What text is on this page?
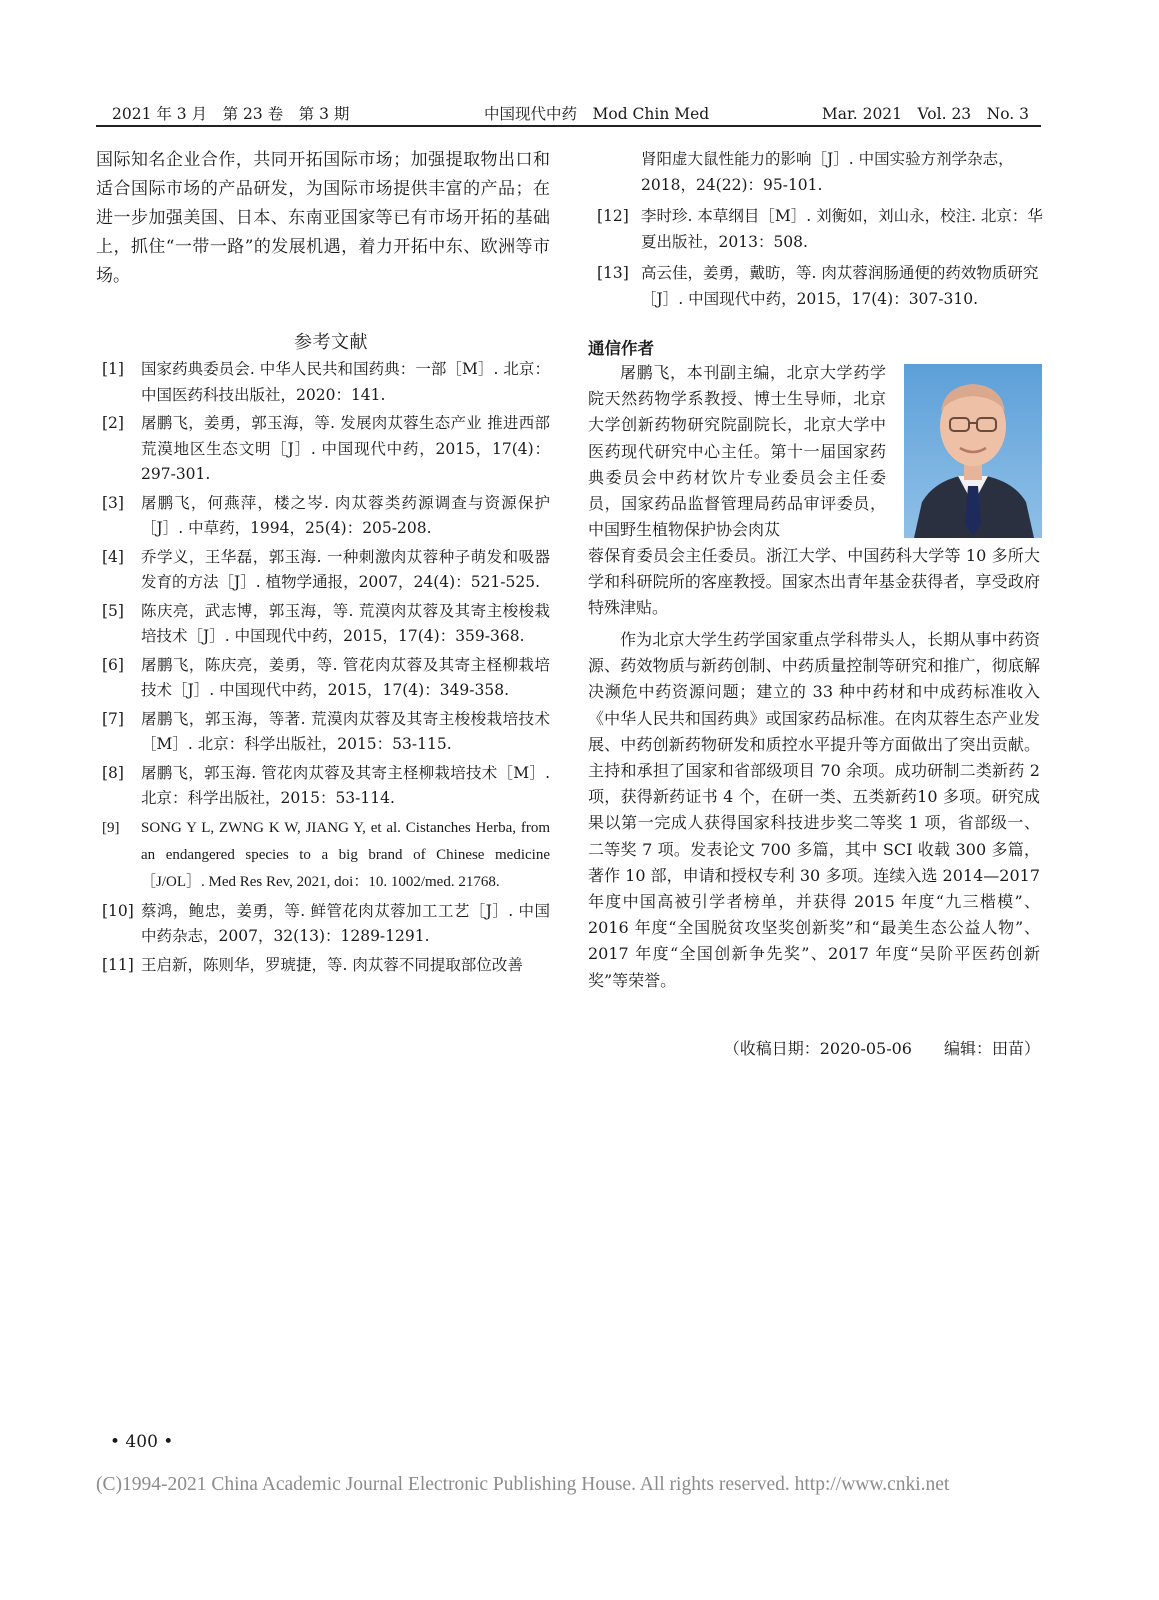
2021 年 3 月　第 23 卷　第 3 期	中国现代中药　Mod Chin Med	Mar. 2021　Vol. 23　No. 3
国际知名企业合作，共同开拓国际市场；加强提取物出口和适合国际市场的产品研发，为国际市场提供丰富的产品；在进一步加强美国、日本、东南亚国家等已有市场开拓的基础上，抓住“一带一路”的发展机遇，着力开拓中东、欧洲等市场。
参考文献
[1] 国家药典委员会. 中华人民共和国药典：一部［M］. 北京：中国医药科技出版社，2020：141.
[2] 屠鹏飞，姜勇，郭玉海，等. 发展肉苁蓉生态产业 推进西部荒漠地区生态文明［J］. 中国现代中药，2015，17(4)：297-301.
[3] 屠鹏飞，何燕萍，楼之岑. 肉苁蓉类药源调查与资源保护［J］. 中草药，1994，25(4)：205-208.
[4] 乔学义，王华磊，郭玉海. 一种刺激肉苁蓉种子萌发和吸器发育的方法［J］. 植物学通报，2007，24(4)：521-525.
[5] 陈庆亮，武志博，郭玉海，等. 荒漠肉苁蓉及其寄主梭梭栽培技术［J］. 中国现代中药，2015，17(4)：359-368.
[6] 屠鹏飞，陈庆亮，姜勇，等. 管花肉苁蓉及其寄主柽柳栽培技术［J］. 中国现代中药，2015，17(4)：349-358.
[7] 屠鹏飞，郭玉海，等著. 荒漠肉苁蓉及其寄主梭梭栽培技术［M］. 北京：科学出版社，2015：53-115.
[8] 屠鹏飞，郭玉海. 管花肉苁蓉及其寄主柽柳栽培技术［M］. 北京：科学出版社，2015：53-114.
[9] SONG Y L, ZWNG K W, JIANG Y, et al. Cistanches Herba, from an endangered species to a big brand of Chinese medicine［J/OL］. Med Res Rev, 2021, doi：10. 1002/med. 21768.
[10] 蔡鸿，鲍忠，姜勇，等. 鲜管花肉苁蓉加工工艺［J］. 中国中药杂志，2007，32(13)：1289-1291.
[11] 王启新，陈则华，罗琥捷，等. 肉苁蓉不同提取部位改善
肾阳虚大鼠性能力的影响［J］. 中国实验方剂学杂志，2018，24(22)：95-101.
[12] 李时珍. 本草纲目［M］. 刘衡如，刘山永，校注. 北京：华夏出版社，2013：508.
[13] 高云佳，姜勇，戴昉，等. 肉苁蓉润肠通便的药效物质研究［J］. 中国现代中药，2015，17(4)：307-310.
通信作者
屠鹏飞，本刊副主编，北京大学药学院天然药物学系教授、博士生导师，北京大学创新药物研究院副院长，北京大学中医药现代研究中心主任。第十一届国家药典委员会中药材饮片专业委员会主任委员，国家药品监督管理局药品审评委员，中国野生植物保护协会肉苁
蓉保育委员会主任委员。浙江大学、中国药科大学等 10 多所大学和科研院所的客座教授。国家杰出青年基金获得者，享受政府特殊津贴。
作为北京大学生药学国家重点学科带头人，长期从事中药资源、药效物质与新药创制、中药质量控制等研究和推广，彻底解决濒危中药资源问题；建立的 33 种中药材和中成药标准收入《中华人民共和国药典》或国家药品标准。在肉苁蓉生态产业发展、中药创新药物研发和质控水平提升等方面做出了突出贡献。主持和承担了国家和省部级项目 70 余项。成功研制二类新药 2 项，获得新药证书 4 个，在研一类、五类新药10 多项。研究成果以第一完成人获得国家科技进步奖二等奖 1 项，省部级一、二等奖 7 项。发表论文 700 多篇，其中 SCI 收载 300 多篇，著作 10 部，申请和授权专利 30 多项。连续入选 2014—2017 年度中国高被引学者榜单，并获得 2015 年度“九三楷模”、2016 年度“全国脱贫攻坚奖创新奖”和“最美生态公益人物”、2017 年度“全国创新争先奖”、2017 年度“吴阶平医药创新奖”等荣誉。
（收稿日期：2020-05-06　　编辑：田苗）
• 400 •
(C)1994-2021 China Academic Journal Electronic Publishing House. All rights reserved. http://www.cnki.net
